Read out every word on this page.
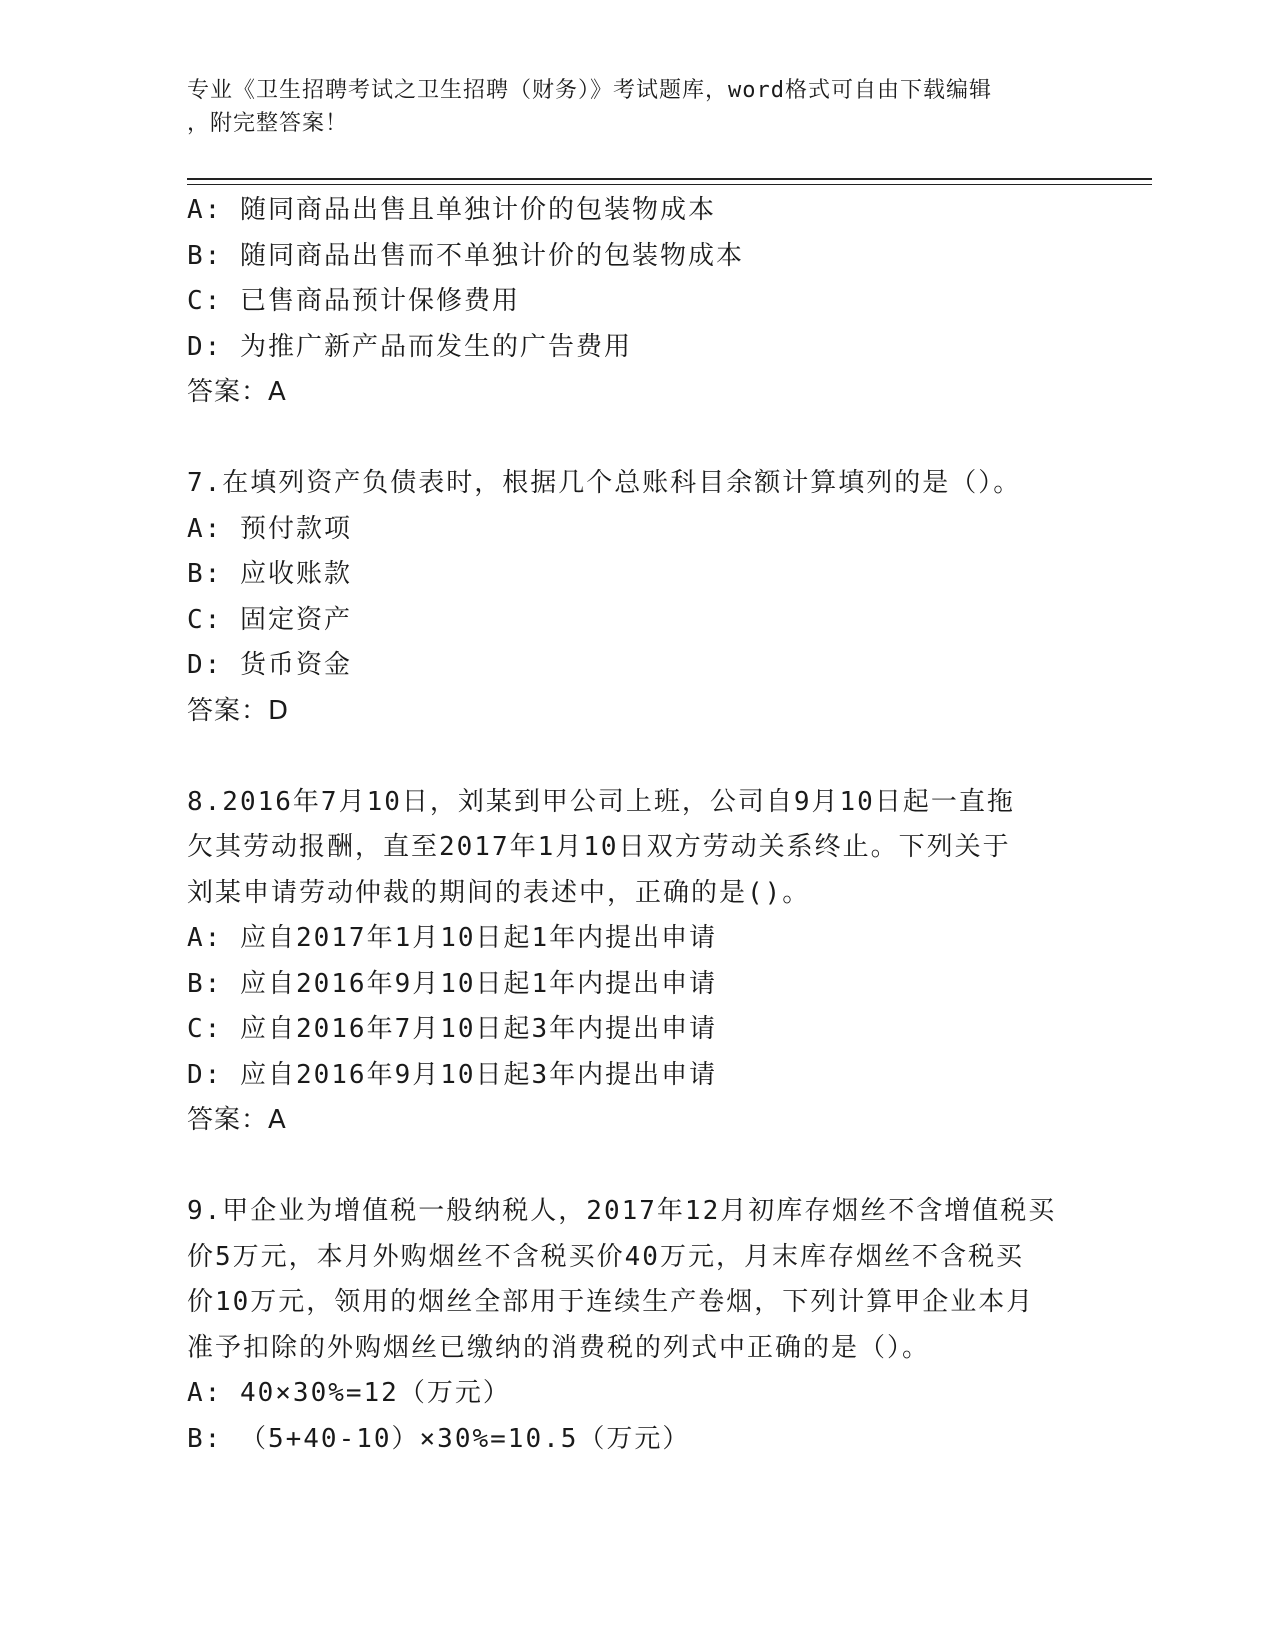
专业《卫生招聘考试之卫生招聘（财务）》考试题库，word格式可自由下载编辑
，附完整答案！
A: 随同商品出售且单独计价的包装物成本
B: 随同商品出售而不单独计价的包装物成本
C: 已售商品预计保修费用
D: 为推广新产品而发生的广告费用
答案：A
7.在填列资产负债表时，根据几个总账科目余额计算填列的是（）。
A: 预付款项
B: 应收账款
C: 固定资产
D: 货币资金
答案：D
8.2016年7月10日，刘某到甲公司上班，公司自9月10日起一直拖
欠其劳动报酬，直至2017年1月10日双方劳动关系终止。下列关于
刘某申请劳动仲裁的期间的表述中，正确的是()。
A: 应自2017年1月10日起1年内提出申请
B: 应自2016年9月10日起1年内提出申请
C: 应自2016年7月10日起3年内提出申请
D: 应自2016年9月10日起3年内提出申请
答案：A
9.甲企业为增值税一般纳税人，2017年12月初库存烟丝不含增值税买
价5万元，本月外购烟丝不含税买价40万元，月末库存烟丝不含税买
价10万元，领用的烟丝全部用于连续生产卷烟，下列计算甲企业本月
准予扣除的外购烟丝已缴纳的消费税的列式中正确的是（）。
A: 40×30%=12（万元）
B: （5+40-10）×30%=10.5（万元）
